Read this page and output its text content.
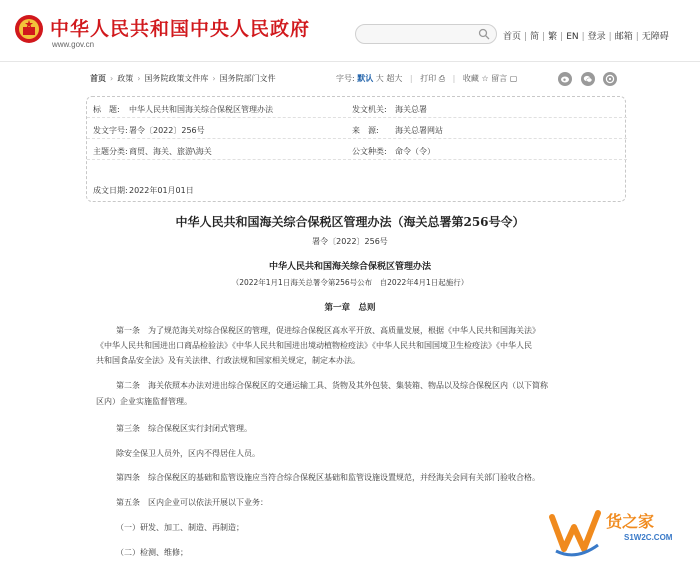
中华人民共和国中央人民政府
www.gov.cn
首页 | 简 | 繁 | EN | 登录 | 邮箱 | 无障碍
首页 › 政策 › 国务院政策文件库 › 国务院部门文件	字号: 默认 大 超大 | 打印 ⎙ | 收藏 ☆ 留言 ▢

标　题: 中华人民共和国海关综合保税区管理办法	发文机关: 海关总署
发文字号: 署令〔2022〕256号	来　源: 海关总署网站
主题分类: 商贸、海关、旅游\海关	公文种类: 命令（令）
成文日期: 2022年01月01日
中华人民共和国海关综合保税区管理办法（海关总署第256号令）
署令〔2022〕256号
中华人民共和国海关综合保税区管理办法
（2022年1月1日海关总署令第256号公布　自2022年4月1日起施行）
第一章　总则
第一条　为了规范海关对综合保税区的管理，促进综合保税区高水平开放、高质量发展，根据《中华人民共和国海关法》
《中华人民共和国进出口商品检验法》《中华人民共和国进出境动植物检疫法》《中华人民共和国国境卫生检疫法》《中华人民
共和国食品安全法》及有关法律、行政法规和国家相关规定，制定本办法。
第二条　海关依照本办法对进出综合保税区的交通运输工具、货物及其外包装、集装箱、物品以及综合保税区内（以下简称
区内）企业实施监督管理。
第三条　综合保税区实行封闭式管理。
除安全保卫人员外，区内不得居住人员。
第四条　综合保税区的基础和监管设施应当符合综合保税区基础和监管设施设置规范，并经海关会同有关部门验收合格。
第五条　区内企业可以依法开展以下业务：
（一）研发、加工、制造、再制造；
（二）检测、维修；
货之家
S1W2C.COM
